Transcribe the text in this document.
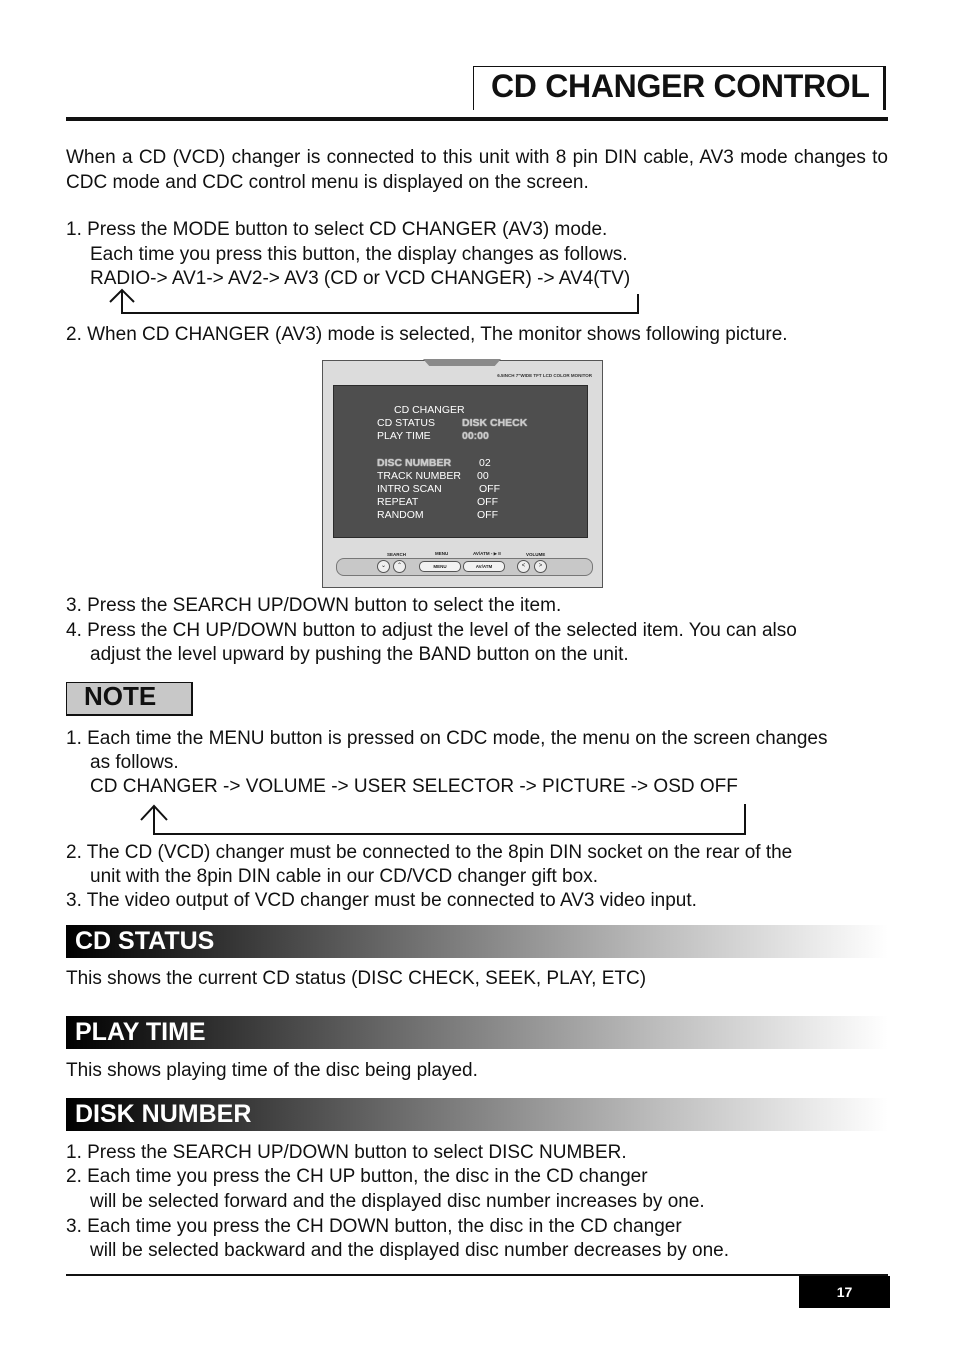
CD CHANGER CONTROL
When a CD (VCD) changer is connected to this unit with 8 pin DIN cable, AV3 mode changes to CDC mode and CDC control menu is displayed on the screen.
1. Press the MODE button to select CD CHANGER (AV3) mode.
Each time you press this button, the display changes as follows.
RADIO-> AV1-> AV2-> AV3 (CD or VCD CHANGER) -> AV4(TV)
2. When CD CHANGER (AV3) mode is selected, The monitor shows following picture.
6.5INCH 7"WIDE TFT LCD COLOR MONITOR
CD CHANGER
CD STATUS	DISK CHECK
PLAY TIME	00:00
DISC NUMBER	02
TRACK NUMBER 00
INTRO SCAN	OFF
REPEAT	OFF
RANDOM	OFF
SEARCH	MENU	AV/ATM - ▶ II	VOLUME
⌄	⌃	MENU	AV/ATM	<	>
3. Press the SEARCH UP/DOWN button to select the item.
4. Press the CH UP/DOWN button to adjust the level of the selected item. You can also
adjust the level upward by pushing the BAND button on the unit.
NOTE
1. Each time the MENU button is pressed on CDC mode, the menu on the screen changes
as follows.
CD CHANGER -> VOLUME -> USER SELECTOR -> PICTURE -> OSD OFF
2. The CD (VCD) changer must be connected to the 8pin DIN socket on the rear of the
unit with the 8pin DIN cable in our CD/VCD changer gift box.
3. The video output of VCD changer must be connected to AV3 video input.
CD STATUS
This shows the current CD status (DISC CHECK, SEEK, PLAY, ETC)
PLAY TIME
This shows playing time of the disc being played.
DISK NUMBER
1. Press the SEARCH UP/DOWN button to select DISC NUMBER.
2. Each time you press the CH UP button, the disc in the CD changer
will be selected forward and the displayed disc number increases by one.
3. Each time you press the CH DOWN button, the disc in the CD changer
will be selected backward and the displayed disc number decreases by one.
17
